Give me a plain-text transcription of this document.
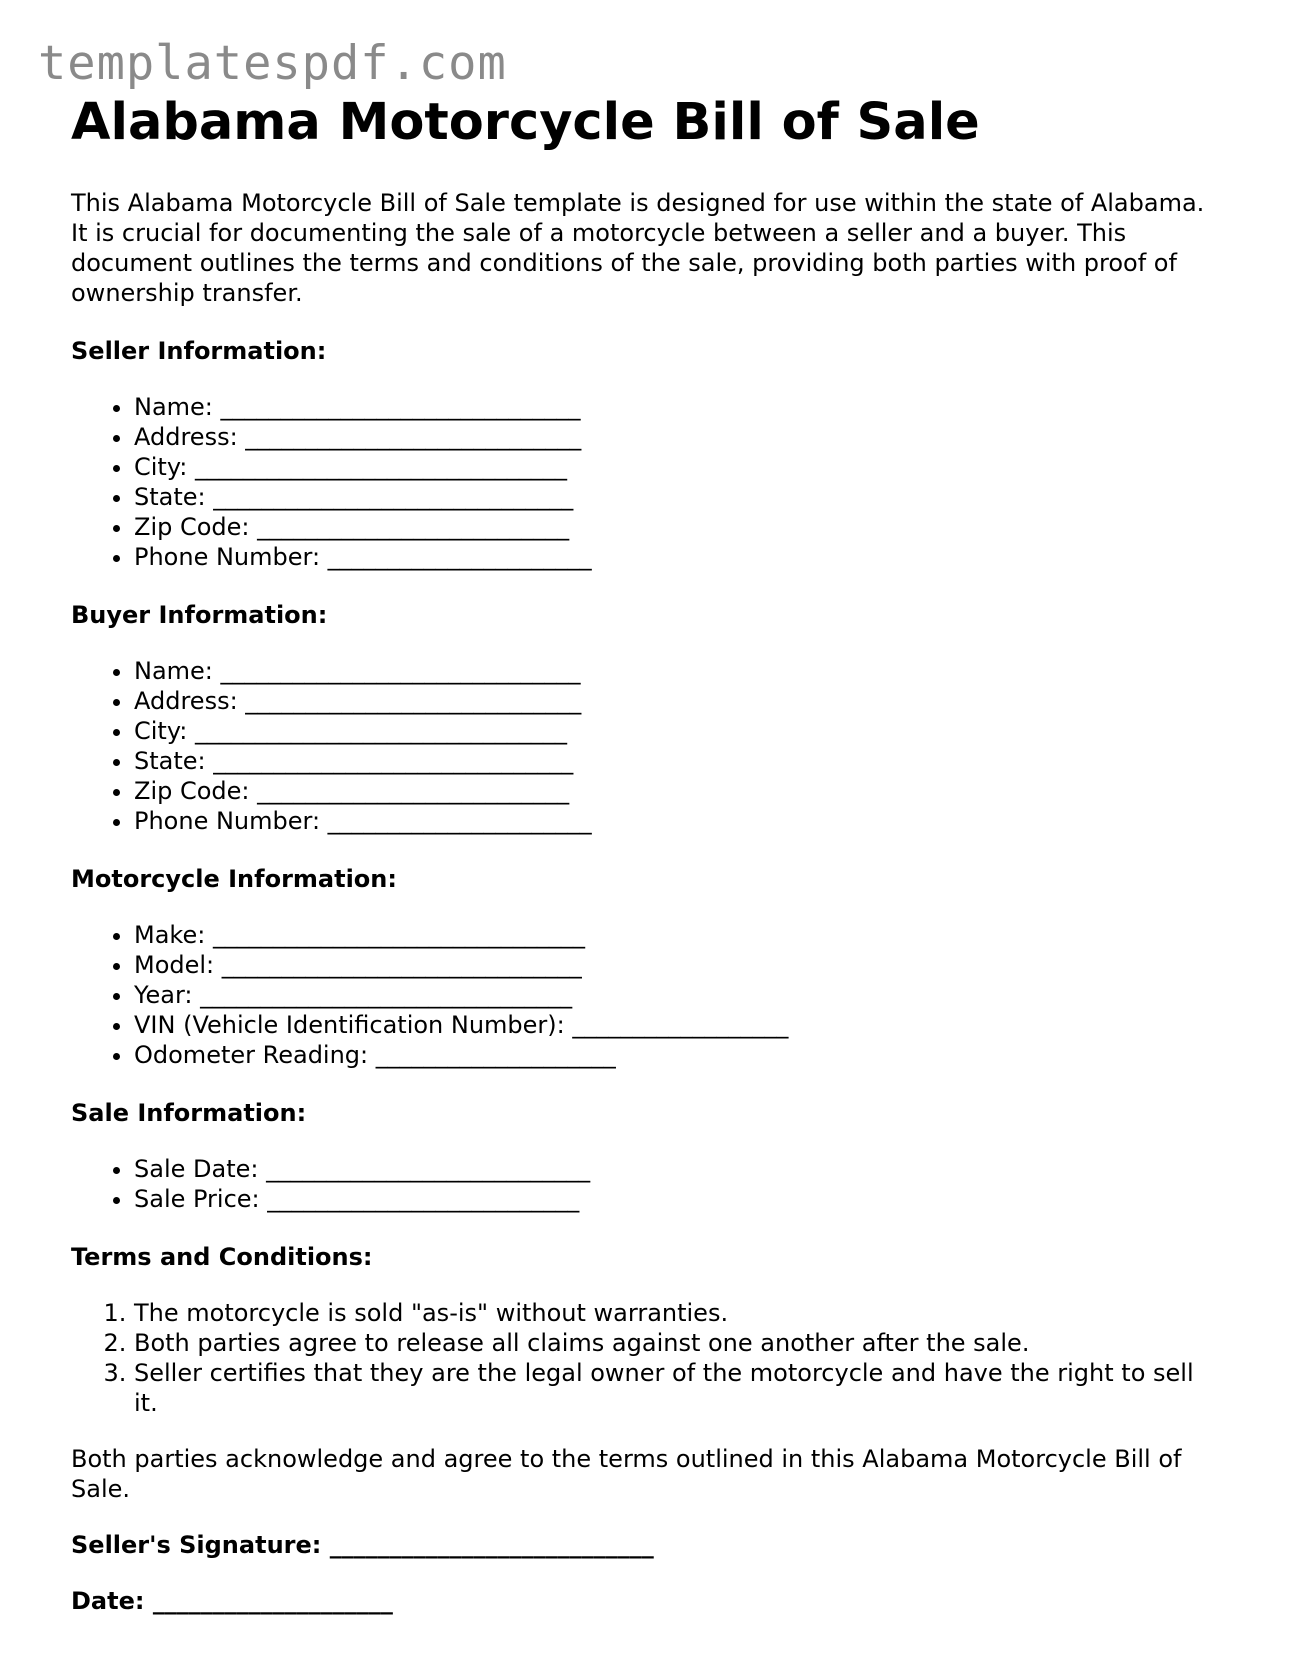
templatespdf.com
Alabama Motorcycle Bill of Sale

This Alabama Motorcycle Bill of Sale template is designed for use within the state of Alabama. It is crucial for documenting the sale of a motorcycle between a seller and a buyer. This document outlines the terms and conditions of the sale, providing both parties with proof of ownership transfer.

Seller Information:
• Name: ______________________________
• Address: ____________________________
• City: _______________________________
• State: ______________________________
• Zip Code: __________________________
• Phone Number: ______________________
Buyer Information:
• Name: ______________________________
• Address: ____________________________
• City: _______________________________
• State: ______________________________
• Zip Code: __________________________
• Phone Number: ______________________
Motorcycle Information:
• Make: _______________________________
• Model: ______________________________
• Year: _______________________________
• VIN (Vehicle Identification Number): __________________
• Odometer Reading: ____________________
Sale Information:
• Sale Date: ___________________________
• Sale Price: __________________________
Terms and Conditions:
1. The motorcycle is sold "as-is" without warranties.
2. Both parties agree to release all claims against one another after the sale.
3. Seller certifies that they are the legal owner of the motorcycle and have the right to sell it.

Both parties acknowledge and agree to the terms outlined in this Alabama Motorcycle Bill of Sale.

Seller's Signature: ___________________________
Date: ____________________
